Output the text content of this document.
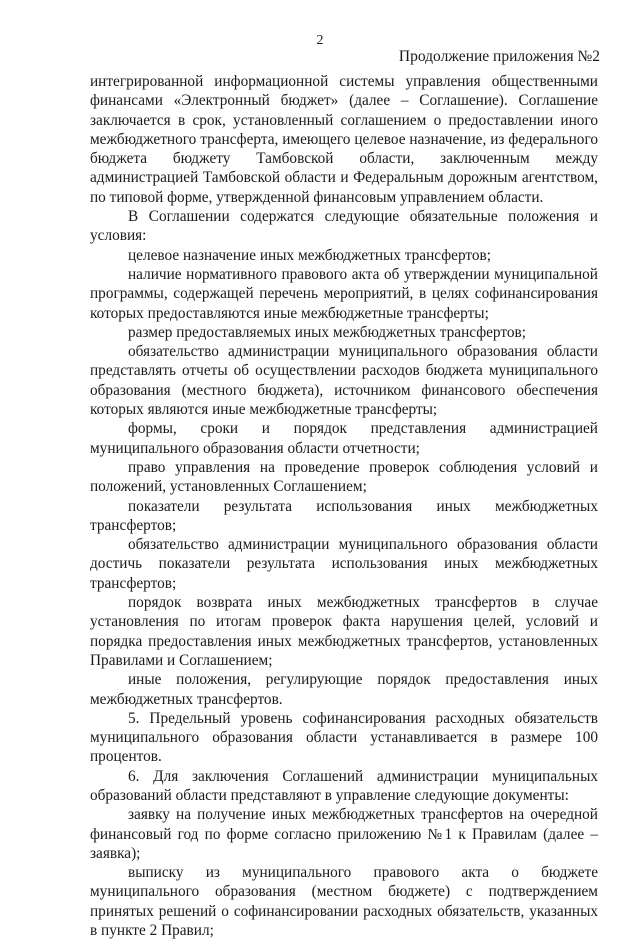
2
Продолжение приложения №2

интегрированной информационной системы управления общественными финансами «Электронный бюджет» (далее – Соглашение). Соглашение заключается в срок, установленный соглашением о предоставлении иного межбюджетного трансферта, имеющего целевое назначение, из федерального бюджета бюджету Тамбовской области, заключенным между администрацией Тамбовской области и Федеральным дорожным агентством, по типовой форме, утвержденной финансовым управлением области.

В Соглашении содержатся следующие обязательные положения и условия:

целевое назначение иных межбюджетных трансфертов;

наличие нормативного правового акта об утверждении муниципальной программы, содержащей перечень мероприятий, в целях софинансирования которых предоставляются иные межбюджетные трансферты;

размер предоставляемых иных межбюджетных трансфертов;

обязательство администрации муниципального образования области представлять отчеты об осуществлении расходов бюджета муниципального образования (местного бюджета), источником финансового обеспечения которых являются иные межбюджетные трансферты;

формы, сроки и порядок представления администрацией муниципального образования области отчетности;

право управления на проведение проверок соблюдения условий и положений, установленных Соглашением;

показатели результата использования иных межбюджетных трансфертов;

обязательство администрации муниципального образования области достичь показатели результата использования иных межбюджетных трансфертов;

порядок возврата иных межбюджетных трансфертов в случае установления по итогам проверок факта нарушения целей, условий и порядка предоставления иных межбюджетных трансфертов, установленных Правилами и Соглашением;

иные положения, регулирующие порядок предоставления иных межбюджетных трансфертов.

5. Предельный уровень софинансирования расходных обязательств муниципального образования области устанавливается в размере 100 процентов.

6. Для заключения Соглашений администрации муниципальных образований области представляют в управление следующие документы:

заявку на получение иных межбюджетных трансфертов на очередной финансовый год по форме согласно приложению №1 к Правилам (далее – заявка);

выписку из муниципального правового акта о бюджете муниципального образования (местном бюджете) с подтверждением принятых решений о софинансировании расходных обязательств, указанных в пункте 2 Правил;
